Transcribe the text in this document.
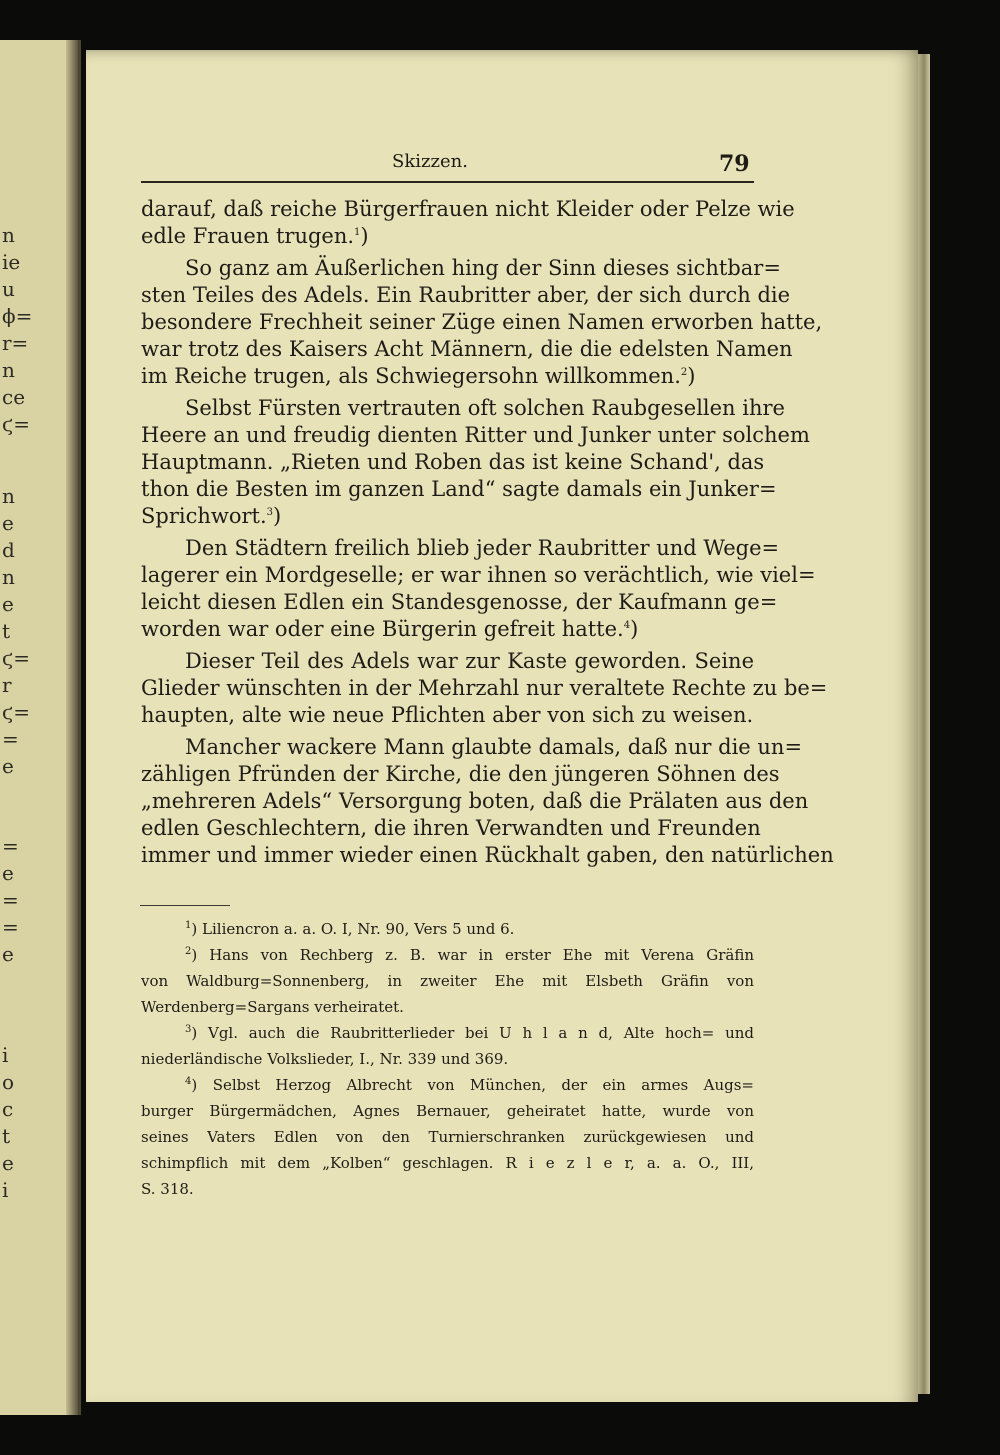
n
ie
u
ϕ=
r=
n
ce
ϛ=
n
e
d
n
e
t
ϛ=
r
ϛ=
=
e
=
e
=
=
e
i
o
c
t
e
i
Skizzen.	79
darauf, daß reiche Bürgerfrauen nicht Kleider oder Pelze wie
edle Frauen trugen.$^1$)
So ganz am Äußerlichen hing der Sinn dieses sichtbar=
sten Teiles des Adels. Ein Raubritter aber, der sich durch die
besondere Frechheit seiner Züge einen Namen erworben hatte,
war trotz des Kaisers Acht Männern, die die edelsten Namen
im Reiche trugen, als Schwiegersohn willkommen.$^2$)
Selbst Fürsten vertrauten oft solchen Raubgesellen ihre
Heere an und freudig dienten Ritter und Junker unter solchem
Hauptmann. „Rieten und Roben das ist keine Schand', das
thon die Besten im ganzen Land“ sagte damals ein Junker=
Sprichwort.$^3$)
Den Städtern freilich blieb jeder Raubritter und Wege=
lagerer ein Mordgeselle; er war ihnen so verächtlich, wie viel=
leicht diesen Edlen ein Standesgenosse, der Kaufmann ge=
worden war oder eine Bürgerin gefreit hatte.$^4$)
Dieser Teil des Adels war zur Kaste geworden. Seine
Glieder wünschten in der Mehrzahl nur veraltete Rechte zu be=
haupten, alte wie neue Pflichten aber von sich zu weisen.
Mancher wackere Mann glaubte damals, daß nur die un=
zähligen Pfründen der Kirche, die den jüngeren Söhnen des
„mehreren Adels“ Versorgung boten, daß die Prälaten aus den
edlen Geschlechtern, die ihren Verwandten und Freunden
immer und immer wieder einen Rückhalt gaben, den natürlichen
$^1$) Liliencron a. a. O. I, Nr. 90, Vers 5 und 6.
$^2$) Hans von Rechberg z. B. war in erster Ehe mit Verena Gräfin
von Waldburg=Sonnenberg, in zweiter Ehe mit Elsbeth Gräfin von
Werdenberg=Sargans verheiratet.
$^3$) Vgl. auch die Raubritterlieder bei U h l a n d, Alte hoch= und
niederländische Volkslieder, I., Nr. 339 und 369.
$^4$) Selbst Herzog Albrecht von München, der ein armes Augs=
burger Bürgermädchen, Agnes Bernauer, geheiratet hatte, wurde von
seines Vaters Edlen von den Turnierschranken zurückgewiesen und
schimpflich mit dem „Kolben“ geschlagen. R i e z l e r, a. a. O., III,
S. 318.
